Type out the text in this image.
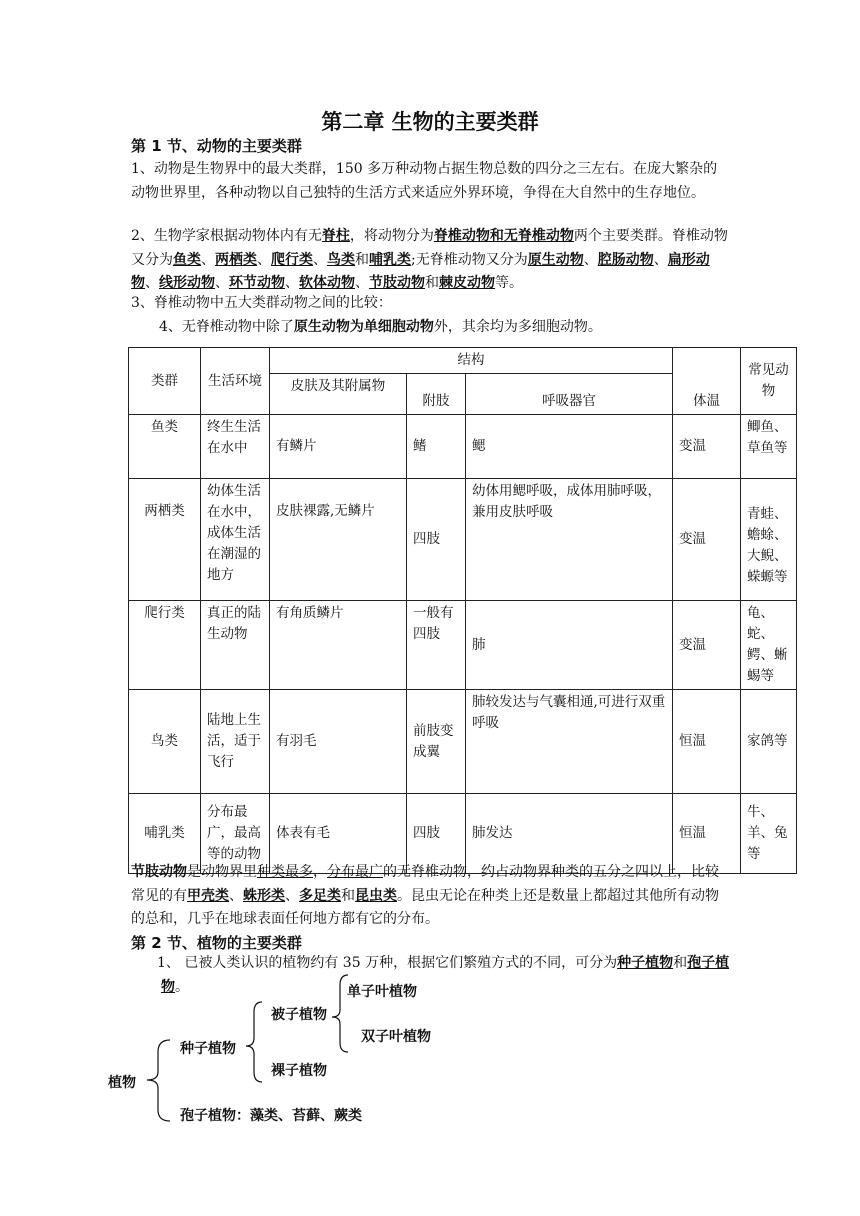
第二章 生物的主要类群
第 1 节、动物的主要类群
1、动物是生物界中的最大类群，150 多万种动物占据生物总数的四分之三左右。在庞大繁杂的动物世界里，各种动物以自己独特的生活方式来适应外界环境，争得在大自然中的生存地位。
2、生物学家根据动物体内有无脊柱，将动物分为脊椎动物和无脊椎动物两个主要类群。脊椎动物又分为鱼类、两栖类、爬行类、鸟类和哺乳类;无脊椎动物又分为原生动物、腔肠动物、扁形动物、线形动物、环节动物、软体动物、节肢动物和棘皮动物等。
3、脊椎动物中五大类群动物之间的比较：
4、无脊椎动物中除了原生动物为单细胞动物外，其余均为多细胞动物。
类群	生活环境	结构			体温	常见动物
		皮肤及其附属物	附肢	呼吸器官		
鱼类	终生生活在水中	有鳞片	鳍	鳃	变温	鲫鱼、草鱼等
两栖类	幼体生活在水中，成体生活在潮湿的地方	皮肤裸露,无鳞片	四肢	幼体用鳃呼吸，成体用肺呼吸，兼用皮肤呼吸	变温	青蛙、蟾蜍、大鲵、蝾螈等
爬行类	真正的陆生动物	有角质鳞片	一般有四肢	肺	变温	龟、蛇、鳄、蜥蜴等
鸟类	陆地上生活，适于飞行	有羽毛	前肢变成翼	肺较发达与气囊相通,可进行双重呼吸	恒温	家鸽等
哺乳类	分布最广，最高等的动物	体表有毛	四肢	肺发达	恒温	牛、羊、兔等
节肢动物是动物界里种类最多，分布最广的无脊椎动物，约占动物界种类的五分之四以上，比较常见的有甲壳类、蛛形类、多足类和昆虫类。昆虫无论在种类上还是数量上都超过其他所有动物的总和，几乎在地球表面任何地方都有它的分布。
第 2 节、植物的主要类群
1、 已被人类认识的植物约有 35 万种，根据它们繁殖方式的不同，可分为种子植物和孢子植物。	单子叶植物
被子植物
双子叶植物
种子植物
裸子植物
植物
孢子植物：藻类、苔藓、蕨类
